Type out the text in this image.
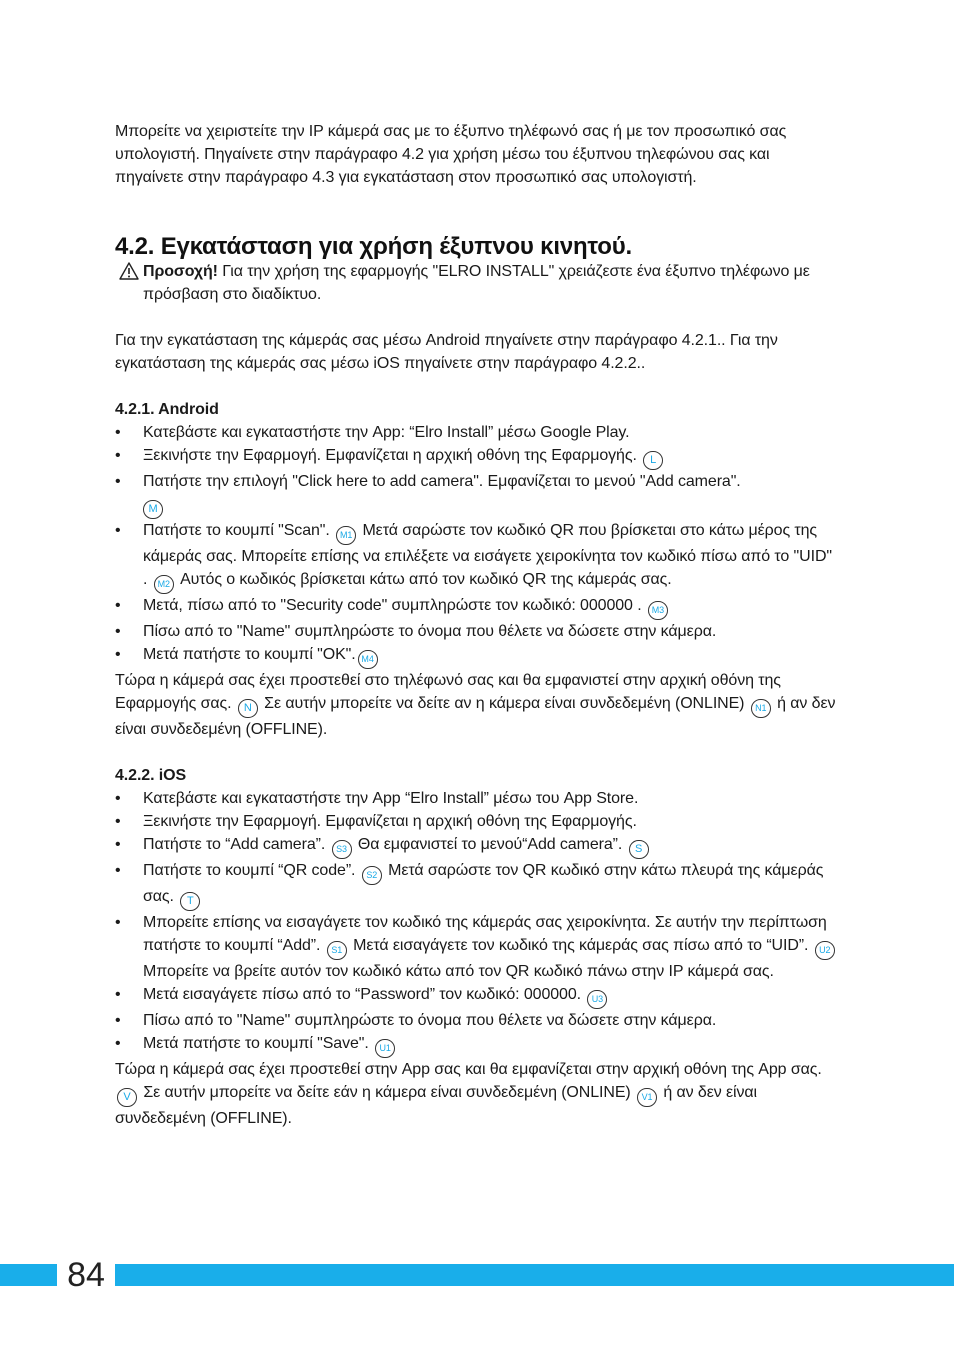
Μπορείτε να χειριστείτε την IP κάμερά σας με το έξυπνο τηλέφωνό σας ή με τον προσωπικό σας υπολογιστή. Πηγαίνετε στην παράγραφο 4.2 για χρήση μέσω του έξυπνου τηλεφώνου σας και πηγαίνετε στην παράγραφο 4.3 για εγκατάσταση στον προσωπικό σας υπολογιστή.

4.2. Εγκατάσταση για χρήση έξυπνου κινητού.

Προσοχή! Για την χρήση της εφαρμογής "ELRO INSTALL" χρειάζεστε ένα έξυπνο τηλέφωνο με πρόσβαση στο διαδίκτυο.

Για την εγκατάσταση της κάμεράς σας μέσω Android πηγαίνετε στην παράγραφο 4.2.1.. Για την εγκατάσταση της κάμεράς σας μέσω iOS πηγαίνετε στην παράγραφο 4.2.2..

4.2.1. Android
• Κατεβάστε και εγκαταστήστε την App: “Elro Install” μέσω Google Play.
• Ξεκινήστε την Εφαρμογή. Εμφανίζεται η αρχική οθόνη της Εφαρμογής. L
• Πατήστε την επιλογή "Click here to add camera". Εμφανίζεται το μενού "Add camera".
M
• Πατήστε το κουμπί "Scan". M1 Μετά σαρώστε τον κωδικό QR που βρίσκεται στο κάτω μέρος της κάμεράς σας. Μπορείτε επίσης να επιλέξετε να εισάγετε χειροκίνητα τον κωδικό πίσω από το "UID" . M2 Αυτός ο κωδικός βρίσκεται κάτω από τον κωδικό QR της κάμεράς σας.
• Μετά, πίσω από το "Security code" συμπληρώστε τον κωδικό: 000000 . M3
• Πίσω από το "Name" συμπληρώστε το όνομα που θέλετε να δώσετε στην κάμερα.
• Μετά πατήστε το κουμπί "OK". M4

Τώρα η κάμερά σας έχει προστεθεί στο τηλέφωνό σας και θα εμφανιστεί στην αρχική οθόνη της Εφαρμογής σας. N Σε αυτήν μπορείτε να δείτε αν η κάμερα είναι συνδεδεμένη (ONLINE) N1 ή αν δεν είναι συνδεδεμένη (OFFLINE).

4.2.2. iOS
• Κατεβάστε και εγκαταστήστε την App “Elro Install” μέσω του App Store.
• Ξεκινήστε την Εφαρμογή. Εμφανίζεται η αρχική οθόνη της Εφαρμογής.
• Πατήστε το “Add camera”. S3 Θα εμφανιστεί το μενού“Add camera”. S
• Πατήστε το κουμπί “QR code”. S2 Μετά σαρώστε τον QR κωδικό στην κάτω πλευρά της κάμεράς σας. T
• Μπορείτε επίσης να εισαγάγετε τον κωδικό της κάμεράς σας χειροκίνητα. Σε αυτήν την περίπτωση πατήστε το κουμπί “Add”. S1 Μετά εισαγάγετε τον κωδικό της κάμεράς σας πίσω από το “UID”. U2 Μπορείτε να βρείτε αυτόν τον κωδικό κάτω από τον QR κωδικό πάνω στην IP κάμερά σας.
• Μετά εισαγάγετε πίσω από το “Password” τον κωδικό: 000000. U3
• Πίσω από το "Name" συμπληρώστε το όνομα που θέλετε να δώσετε στην κάμερα.
• Μετά πατήστε το κουμπί "Save". U1

Τώρα η κάμερά σας έχει προστεθεί στην App σας και θα εμφανίζεται στην αρχική οθόνη της App σας.V Σε αυτήν μπορείτε να δείτε εάν η κάμερα είναι συνδεδεμένη (ONLINE) V1 ή αν δεν είναι συνδεδεμένη (OFFLINE).

84
